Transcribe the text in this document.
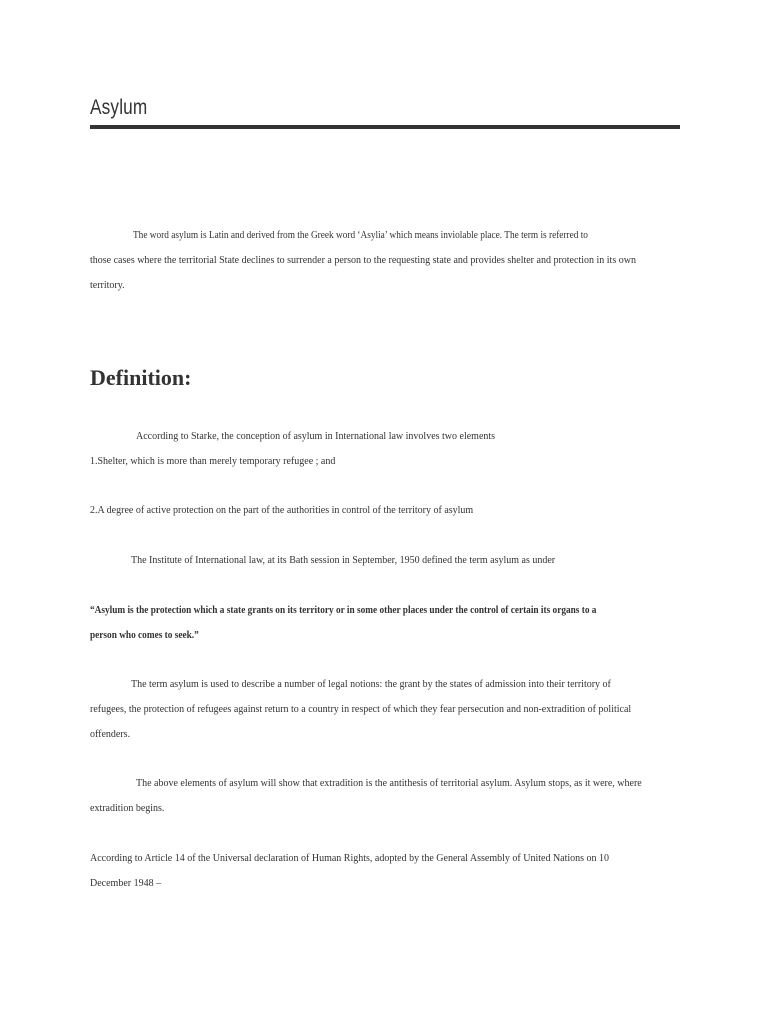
Asylum

The word asylum is Latin and derived from the Greek word ‘Asylia’ which means inviolable place. The term is referred to

those cases where the territorial State declines to surrender a person to the requesting state and provides shelter and protection in its own

territory.

Definition:

According to Starke, the conception of asylum in International law involves two elements

1.Shelter, which is more than merely temporary refugee ; and

2.A degree of active protection on the part of the authorities in control of the territory of asylum

The Institute of International law, at its Bath session in September, 1950 defined the term asylum as under

“Asylum is the protection which a state grants on its territory or in some other places under the control of certain its organs to a

person who comes to seek.”

The term asylum is used to describe a number of legal notions: the grant by the states of admission into their territory of

refugees, the protection of refugees against return to a country in respect of which they fear persecution and non-extradition of political

offenders.

The above elements of asylum will show that extradition is the antithesis of territorial asylum. Asylum stops, as it were, where

extradition begins.

According to Article 14 of the Universal declaration of Human Rights, adopted by the General Assembly of United Nations on 10

December 1948 –
